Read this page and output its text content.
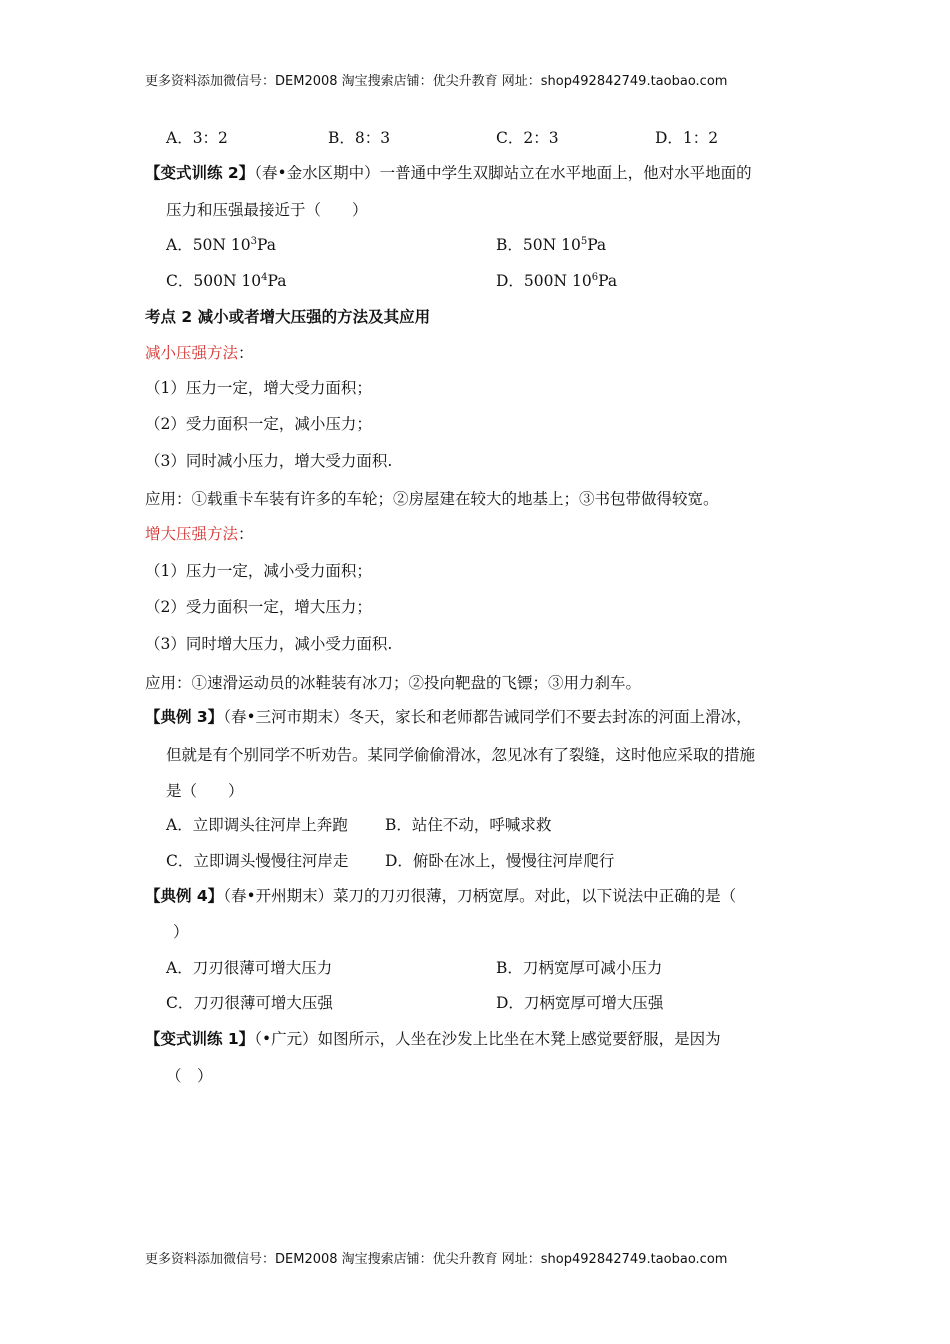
更多资料添加微信号：DEM2008 淘宝搜索店铺：优尖升教育 网址：shop492842749.taobao.com
A．3：2	B．8：3	C．2：3	D．1：2
【变式训练 2】（春•金水区期中）一普通中学生双脚站立在水平地面上，他对水平地面的
压力和压强最接近于（　　）
A．50N $10^3Pa$	B．50N $10^5Pa$
C．500N $10^4Pa$	D．500N $10^6Pa$
考点 2 减小或者增大压强的方法及其应用
减小压强方法：
（1）压力一定，增大受力面积；
（2）受力面积一定，减小压力；
（3）同时减小压力，增大受力面积.
应用：①载重卡车装有许多的车轮；②房屋建在较大的地基上；③书包带做得较宽。
增大压强方法：
（1）压力一定，减小受力面积；
（2）受力面积一定，增大压力；
（3）同时增大压力，减小受力面积.
应用：①速滑运动员的冰鞋装有冰刀；②投向靶盘的飞镖；③用力刹车。
【典例 3】（春•三河市期末）冬天，家长和老师都告诫同学们不要去封冻的河面上滑冰，
但就是有个别同学不听劝告。某同学偷偷滑冰，忽见冰有了裂缝，这时他应采取的措施
是（　　）
A．立即调头往河岸上奔跑 B．站住不动，呼喊求救
C．立即调头慢慢往河岸走 D．俯卧在冰上，慢慢往河岸爬行
【典例 4】（春•开州期末）菜刀的刀刃很薄，刀柄宽厚。对此，以下说法中正确的是（
）
A．刀刃很薄可增大压力	B．刀柄宽厚可减小压力
C．刀刃很薄可增大压强	D．刀柄宽厚可增大压强
【变式训练 1】（•广元）如图所示，人坐在沙发上比坐在木凳上感觉要舒服，是因为
（　）
更多资料添加微信号：DEM2008 淘宝搜索店铺：优尖升教育 网址：shop492842749.taobao.com
